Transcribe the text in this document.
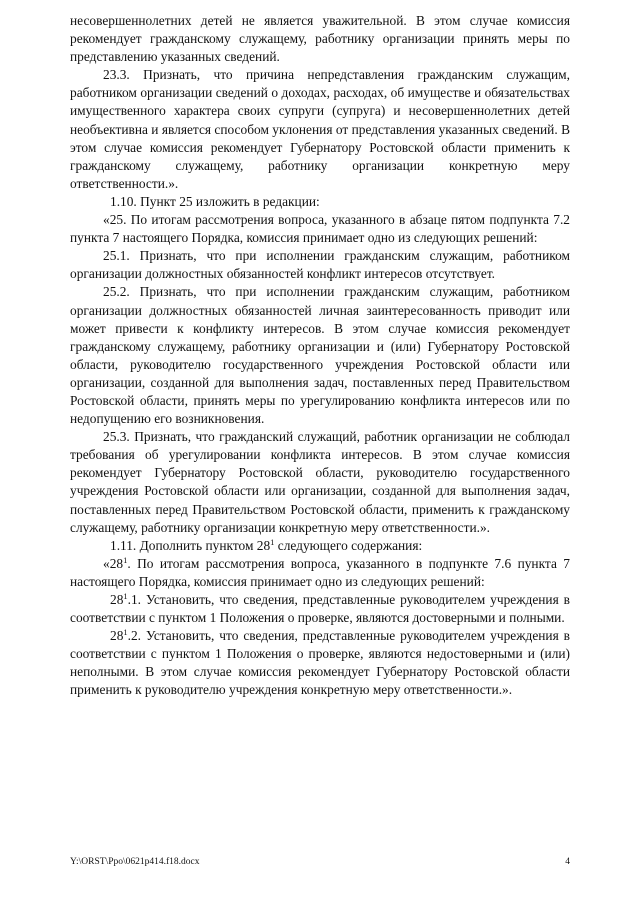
несовершеннолетних детей не является уважительной. В этом случае комиссия рекомендует гражданскому служащему, работнику организации принять меры по представлению указанных сведений.

23.3. Признать, что причина непредставления гражданским служащим, работником организации сведений о доходах, расходах, об имуществе и обязательствах имущественного характера своих супруги (супруга) и несовершеннолетних детей необъективна и является способом уклонения от представления указанных сведений. В этом случае комиссия рекомендует Губернатору Ростовской области применить к гражданскому служащему, работнику организации конкретную меру ответственности.».

1.10. Пункт 25 изложить в редакции:

«25. По итогам рассмотрения вопроса, указанного в абзаце пятом подпункта 7.2 пункта 7 настоящего Порядка, комиссия принимает одно из следующих решений:

25.1. Признать, что при исполнении гражданским служащим, работником организации должностных обязанностей конфликт интересов отсутствует.

25.2. Признать, что при исполнении гражданским служащим, работником организации должностных обязанностей личная заинтересованность приводит или может привести к конфликту интересов. В этом случае комиссия рекомендует гражданскому служащему, работнику организации и (или) Губернатору Ростовской области, руководителю государственного учреждения Ростовской области или организации, созданной для выполнения задач, поставленных перед Правительством Ростовской области, принять меры по урегулированию конфликта интересов или по недопущению его возникновения.

25.3. Признать, что гражданский служащий, работник организации не соблюдал требования об урегулировании конфликта интересов. В этом случае комиссия рекомендует Губернатору Ростовской области, руководителю государственного учреждения Ростовской области или организации, созданной для выполнения задач, поставленных перед Правительством Ростовской области, применить к гражданскому служащему, работнику организации конкретную меру ответственности.».

1.11. Дополнить пунктом $28^1$ следующего содержания:

«$28^1$. По итогам рассмотрения вопроса, указанного в подпункте 7.6 пункта 7 настоящего Порядка, комиссия принимает одно из следующих решений:

$28^1.1$. Установить, что сведения, представленные руководителем учреждения в соответствии с пунктом 1 Положения о проверке, являются достоверными и полными.

$28^1.2$. Установить, что сведения, представленные руководителем учреждения в соответствии с пунктом 1 Положения о проверке, являются недостоверными и (или) неполными. В этом случае комиссия рекомендует Губернатору Ростовской области применить к руководителю учреждения конкретную меру ответственности.».

Y:\ORST\Ppo\0621p414.f18.docx	4
